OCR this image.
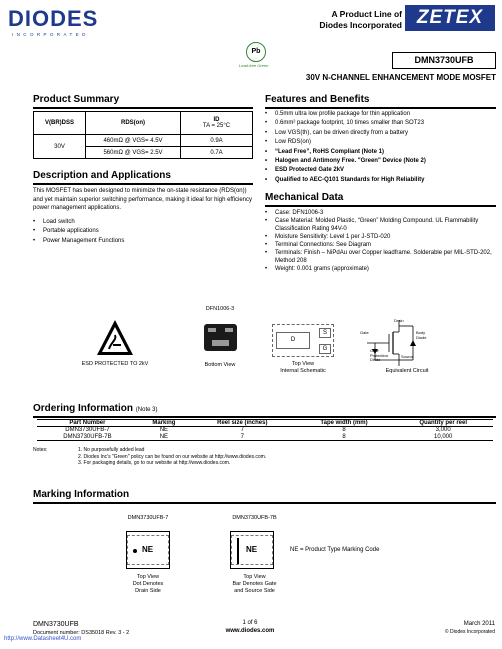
DIODES
INCORPORATED
A Product Line of
Diodes Incorporated ZETEX
Pb
Lead-free Green
DMN3730UFB
30V N-CHANNEL ENHANCEMENT MODE MOSFET
Product Summary
V(BR)DSS	RDS(on)	ID
TA = 25°C
30V	460mΩ @ VGS= 4.5V	0.9A
	560mΩ @ VGS= 2.5V	0.7A
Description and Applications
This MOSFET has been designed to minimize the on-state resistance (RDS(on)) and yet maintain superior switching performance, making it ideal for high efficiency power management applications.
• Load switch
• Portable applications
• Power Management Functions
Features and Benefits
• 0.5mm ultra low profile package for thin application
• 0.6mm² package footprint, 10 times smaller than SOT23
• Low VGS(th), can be driven directly from a battery
• Low RDS(on)
• “Lead Free”, RoHS Compliant (Note 1)
• Halogen and Antimony Free. "Green" Device (Note 2)
• ESD Protected Gate 2kV
• Qualified to AEC-Q101 Standards for High Reliability
Mechanical Data
• Case: DFN1006-3
• Case Material: Molded Plastic, “Green” Molding Compound. UL Flammability Classification Rating 94V-0
• Moisture Sensitivity: Level 1 per J-STD-020
• Terminal Connections: See Diagram
• Terminals: Finish – NiPdAu over Copper leadframe. Solderable per MIL-STD-202, Method 208
• Weight: 0.001 grams (approximate)
ESD PROTECTED TO 2kV
DFN1006-3
Bottom View
D
S
G
Top View
Internal Schematic
Drain
Gate
Source
Body
Diode
Gate
Protection
Diode
Equivalent Circuit
Ordering Information (Note 3)
Part Number	Marking	Reel size (inches)	Tape width (mm)	Quantity per reel
DMN3730UFB-7	NE	7	8	3,000
DMN3730UFB-7B	NE	7	8	10,000
Notes:	1. No purposefully added lead
2. Diodes Inc's "Green" policy can be found on our website at http://www.diodes.com.
3. For packaging details, go to our website at http://www.diodes.com.
Marking Information
DMN3730UFB-7	DMN3730UFB-7B
NE	NE	NE = Product Type Marking Code
Top View
Dot Denotes
Drain Side
Top View
Bar Denotes Gate
and Source Side
DMN3730UFB
Document number: DS35018 Rev. 3 - 2
1 of 6
www.diodes.com
March 2011
© Diodes Incorporated
http://www.Datasheet4U.com
